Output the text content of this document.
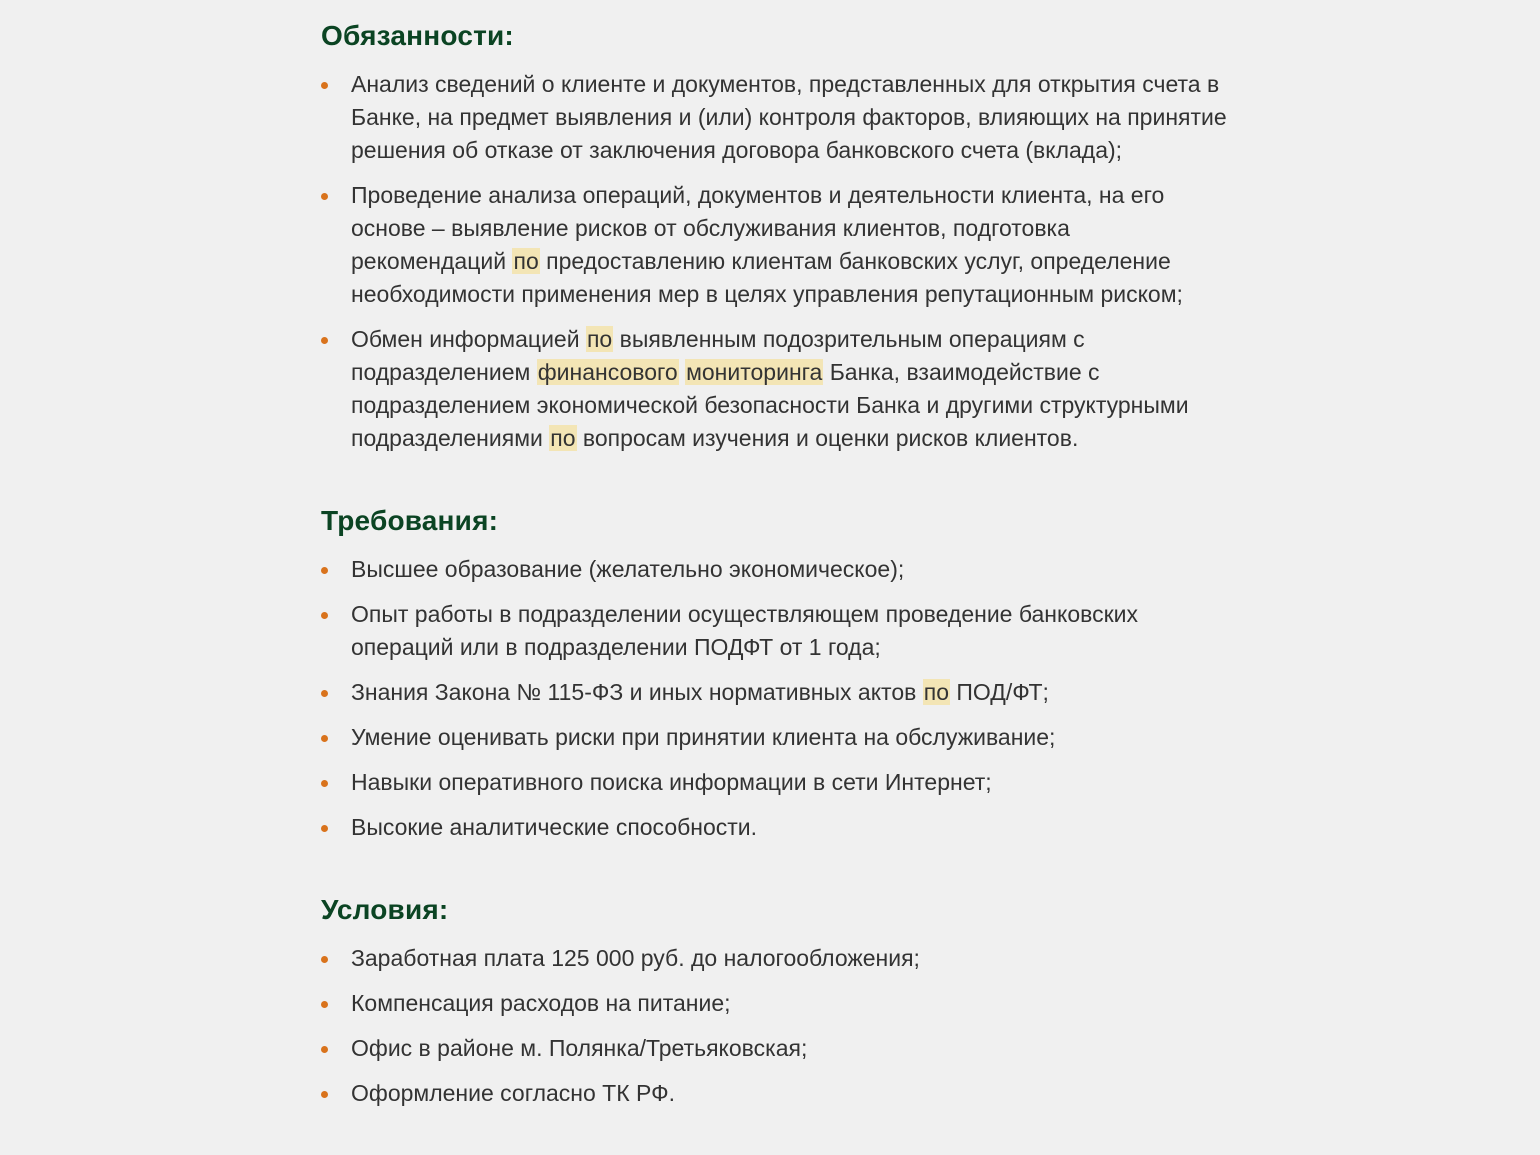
Обязанности:
Анализ сведений о клиенте и документов, представленных для открытия счета в Банке, на предмет выявления и (или) контроля факторов, влияющих на принятие решения об отказе от заключения договора банковского счета (вклада);
Проведение анализа операций, документов и деятельности клиента, на его основе – выявление рисков от обслуживания клиентов, подготовка рекомендаций по предоставлению клиентам банковских услуг, определение необходимости применения мер в целях управления репутационным риском;
Обмен информацией по выявленным подозрительным операциям с подразделением финансового мониторинга Банка, взаимодействие с подразделением экономической безопасности Банка и другими структурными подразделениями по вопросам изучения и оценки рисков клиентов.
Требования:
Высшее образование (желательно экономическое);
Опыт работы в подразделении осуществляющем проведение банковских операций или в подразделении ПОДФТ от 1 года;
Знания Закона № 115-ФЗ и иных нормативных актов по ПОД/ФТ;
Умение оценивать риски при принятии клиента на обслуживание;
Навыки оперативного поиска информации в сети Интернет;
Высокие аналитические способности.
Условия:
Заработная плата 125 000 руб. до налогообложения;
Компенсация расходов на питание;
Офис в районе м. Полянка/Третьяковская;
Оформление согласно ТК РФ.
